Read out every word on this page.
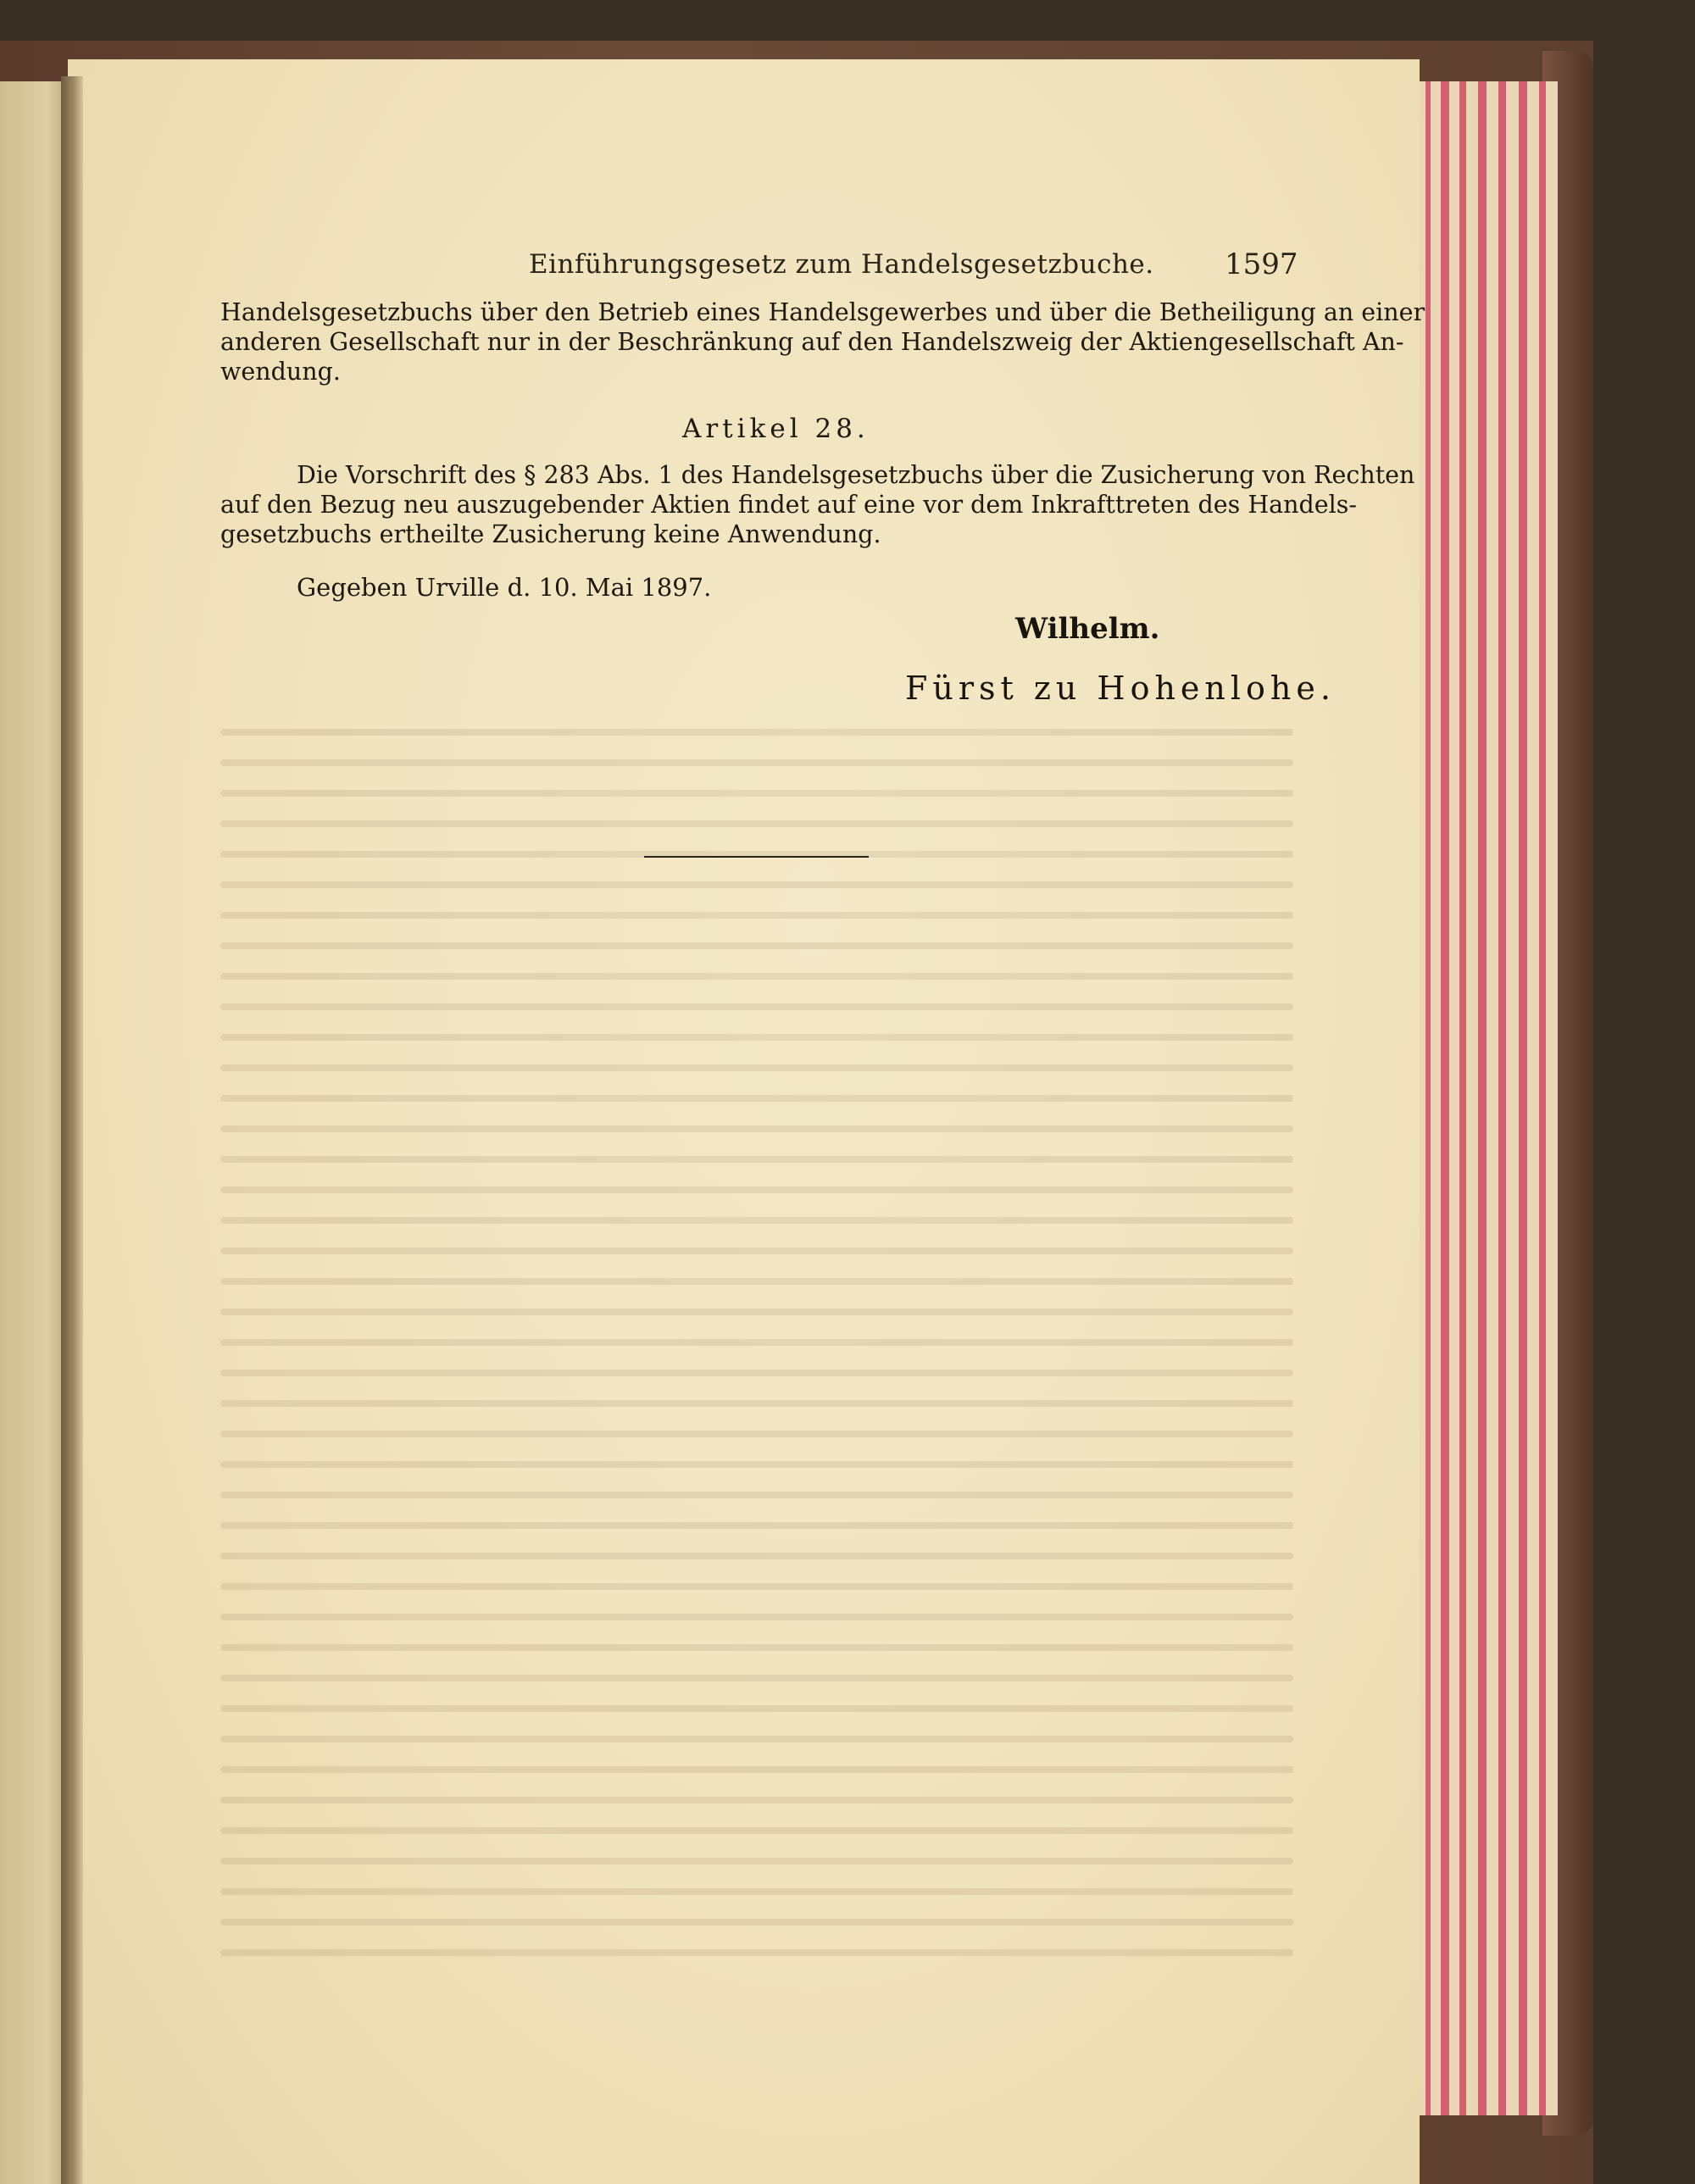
Einführungsgesetz zum Handelsgesetzbuche. 1597
Handelsgesetzbuchs über den Betrieb eines Handelsgewerbes und über die Betheiligung an einer
anderen Gesellschaft nur in der Beschränkung auf den Handelszweig der Aktiengesellschaft An-
wendung.
Artikel 28.
Die Vorschrift des § 283 Abs. 1 des Handelsgesetzbuchs über die Zusicherung von Rechten
auf den Bezug neu auszugebender Aktien findet auf eine vor dem Inkrafttreten des Handels-
gesetzbuchs ertheilte Zusicherung keine Anwendung.
Gegeben Urville d. 10. Mai 1897.
Wilhelm.
Fürst zu Hohenlohe.
